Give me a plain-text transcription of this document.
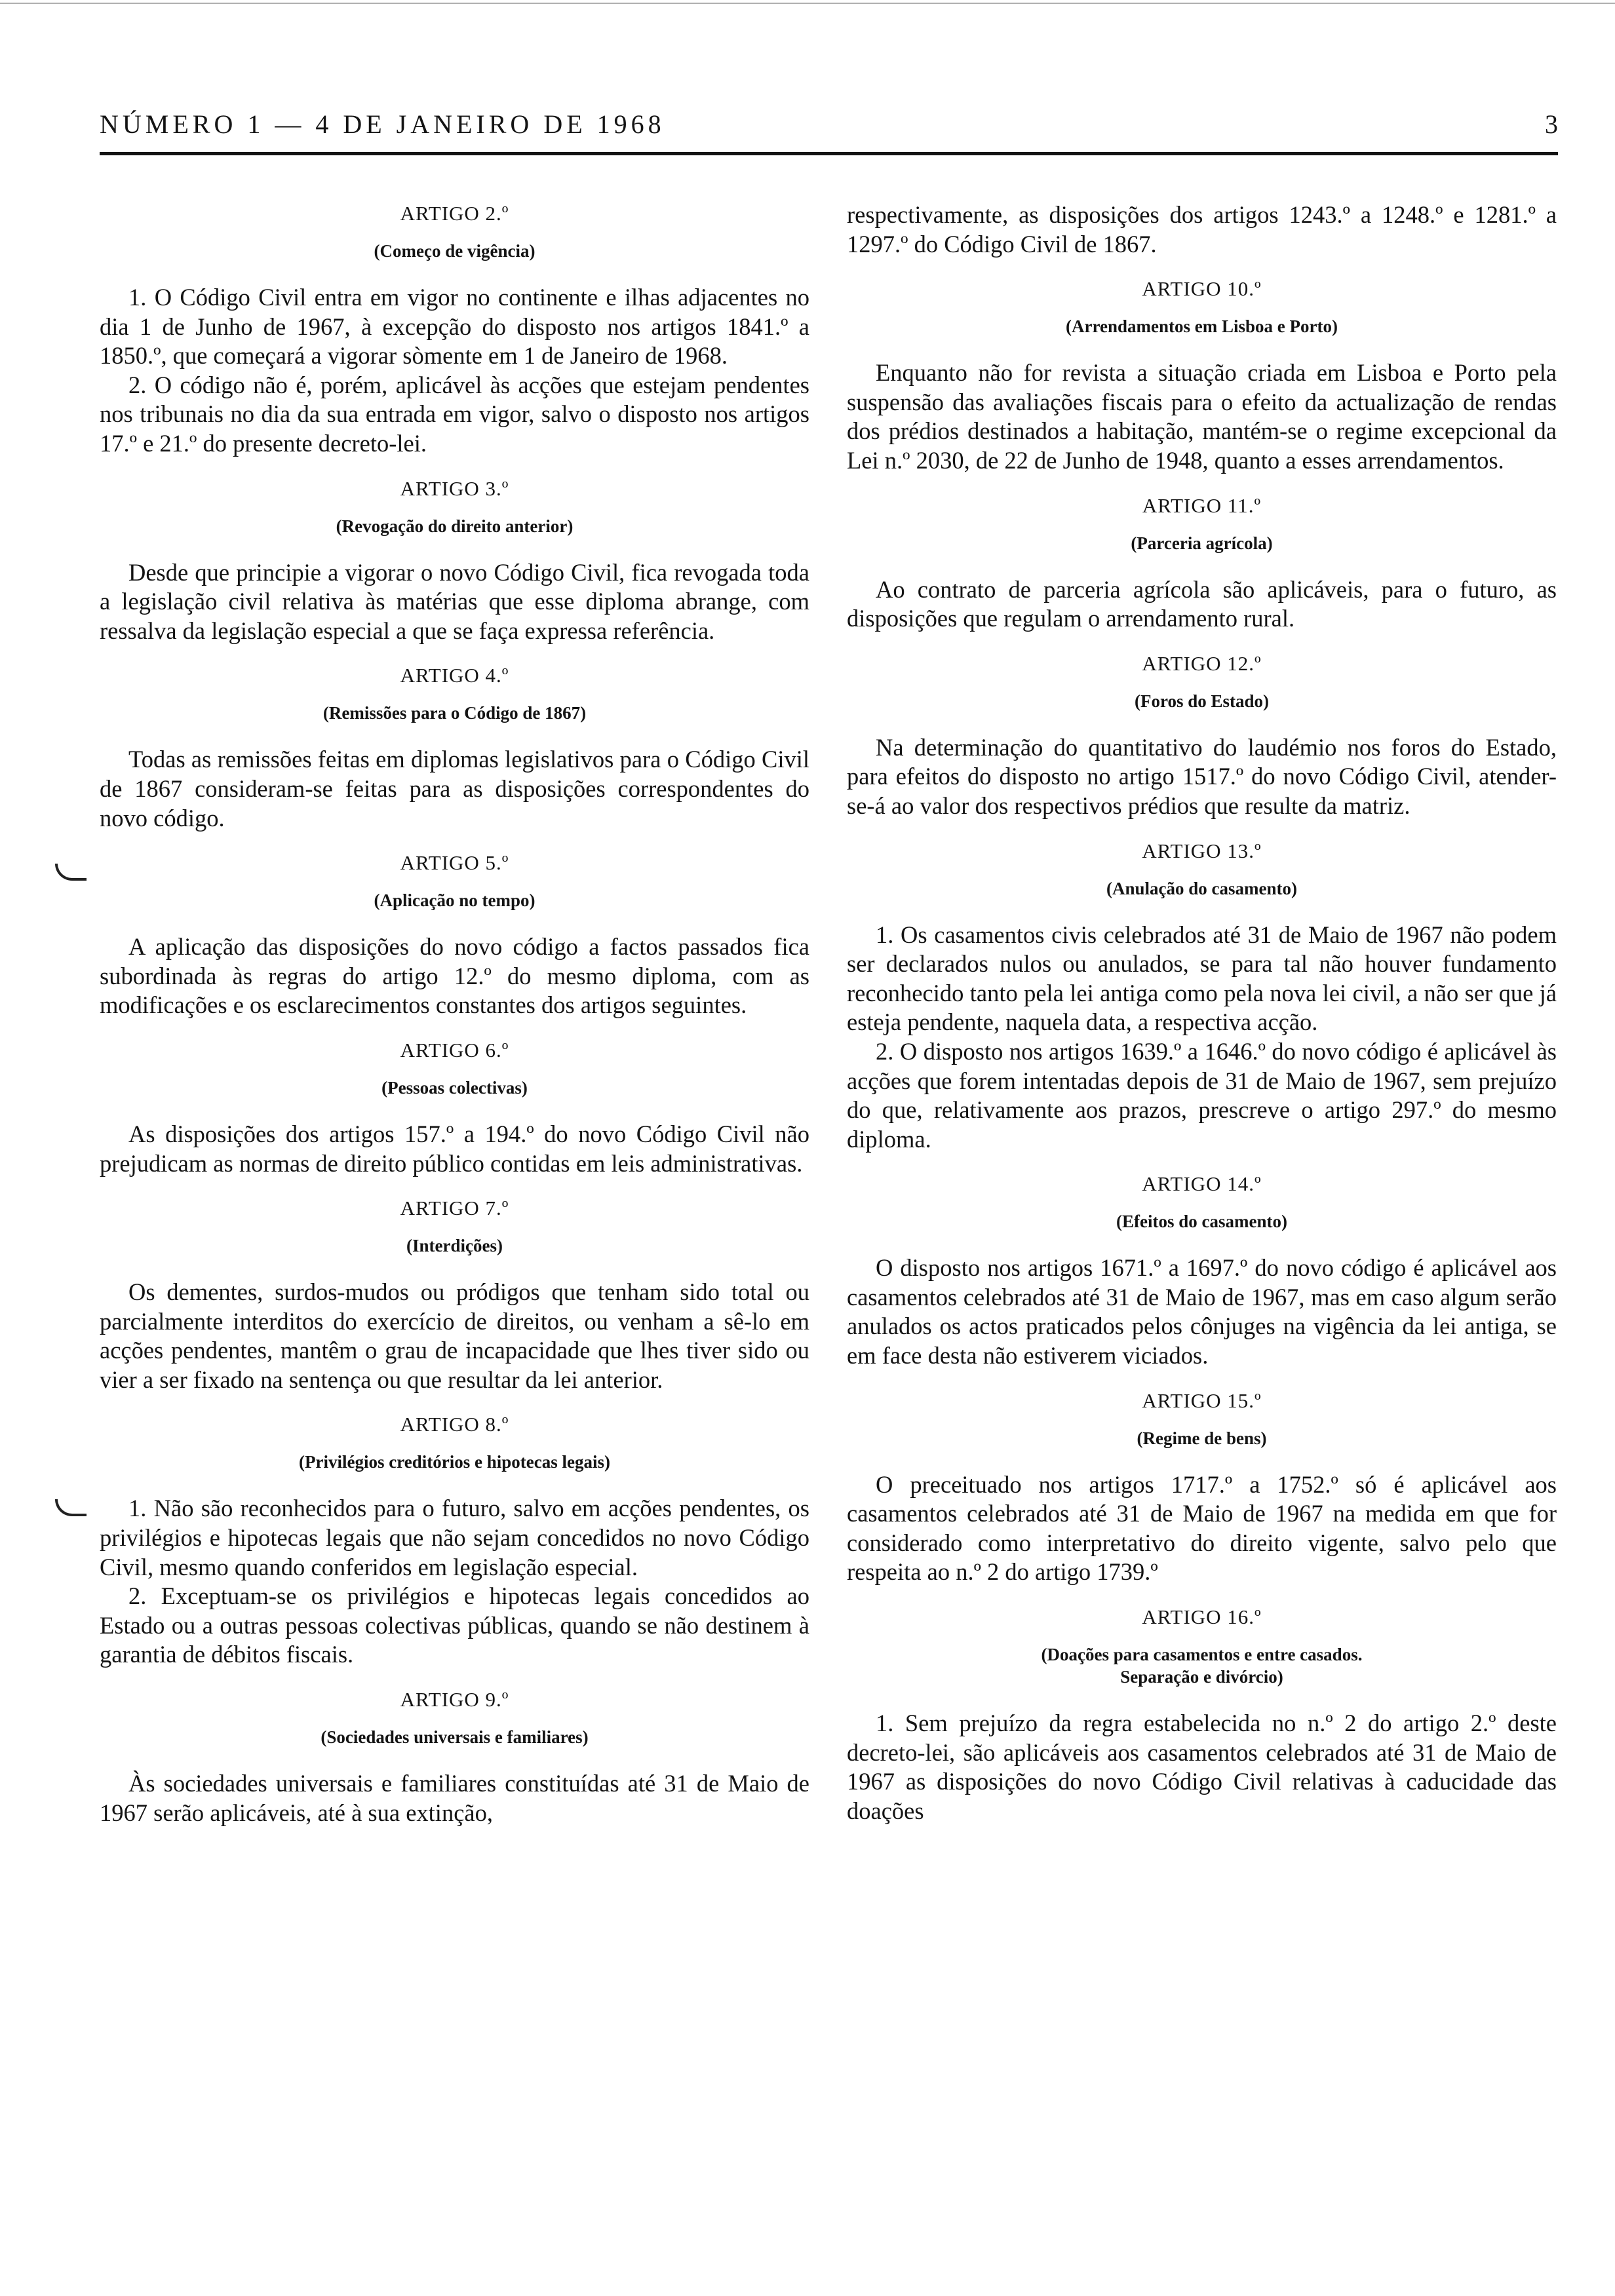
NÚMERO 1 — 4 DE JANEIRO DE 1968	3

ARTIGO 2.º

(Começo de vigência)

1. O Código Civil entra em vigor no continente e ilhas adjacentes no dia 1 de Junho de 1967, à excepção do disposto nos artigos 1841.º a 1850.º, que começará a vigorar sòmente em 1 de Janeiro de 1968.

2. O código não é, porém, aplicável às acções que estejam pendentes nos tribunais no dia da sua entrada em vigor, salvo o disposto nos artigos 17.º e 21.º do presente decreto-lei.

ARTIGO 3.º

(Revogação do direito anterior)

Desde que principie a vigorar o novo Código Civil, fica revogada toda a legislação civil relativa às matérias que esse diploma abrange, com ressalva da legislação especial a que se faça expressa referência.

ARTIGO 4.º

(Remissões para o Código de 1867)

Todas as remissões feitas em diplomas legislativos para o Código Civil de 1867 consideram-se feitas para as disposições correspondentes do novo código.

ARTIGO 5.º

(Aplicação no tempo)

A aplicação das disposições do novo código a factos passados fica subordinada às regras do artigo 12.º do mesmo diploma, com as modificações e os esclarecimentos constantes dos artigos seguintes.

ARTIGO 6.º

(Pessoas colectivas)

As disposições dos artigos 157.º a 194.º do novo Código Civil não prejudicam as normas de direito público contidas em leis administrativas.

ARTIGO 7.º

(Interdições)

Os dementes, surdos-mudos ou pródigos que tenham sido total ou parcialmente interditos do exercício de direitos, ou venham a sê-lo em acções pendentes, mantêm o grau de incapacidade que lhes tiver sido ou vier a ser fixado na sentença ou que resultar da lei anterior.

ARTIGO 8.º

(Privilégios creditórios e hipotecas legais)

1. Não são reconhecidos para o futuro, salvo em acções pendentes, os privilégios e hipotecas legais que não sejam concedidos no novo Código Civil, mesmo quando conferidos em legislação especial.

2. Exceptuam-se os privilégios e hipotecas legais concedidos ao Estado ou a outras pessoas colectivas públicas, quando se não destinem à garantia de débitos fiscais.

ARTIGO 9.º

(Sociedades universais e familiares)

Às sociedades universais e familiares constituídas até 31 de Maio de 1967 serão aplicáveis, até à sua extinção,

respectivamente, as disposições dos artigos 1243.º a 1248.º e 1281.º a 1297.º do Código Civil de 1867.

ARTIGO 10.º

(Arrendamentos em Lisboa e Porto)

Enquanto não for revista a situação criada em Lisboa e Porto pela suspensão das avaliações fiscais para o efeito da actualização de rendas dos prédios destinados a habitação, mantém-se o regime excepcional da Lei n.º 2030, de 22 de Junho de 1948, quanto a esses arrendamentos.

ARTIGO 11.º

(Parceria agrícola)

Ao contrato de parceria agrícola são aplicáveis, para o futuro, as disposições que regulam o arrendamento rural.

ARTIGO 12.º

(Foros do Estado)

Na determinação do quantitativo do laudémio nos foros do Estado, para efeitos do disposto no artigo 1517.º do novo Código Civil, atender-se-á ao valor dos respectivos prédios que resulte da matriz.

ARTIGO 13.º

(Anulação do casamento)

1. Os casamentos civis celebrados até 31 de Maio de 1967 não podem ser declarados nulos ou anulados, se para tal não houver fundamento reconhecido tanto pela lei antiga como pela nova lei civil, a não ser que já esteja pendente, naquela data, a respectiva acção.

2. O disposto nos artigos 1639.º a 1646.º do novo código é aplicável às acções que forem intentadas depois de 31 de Maio de 1967, sem prejuízo do que, relativamente aos prazos, prescreve o artigo 297.º do mesmo diploma.

ARTIGO 14.º

(Efeitos do casamento)

O disposto nos artigos 1671.º a 1697.º do novo código é aplicável aos casamentos celebrados até 31 de Maio de 1967, mas em caso algum serão anulados os actos praticados pelos cônjuges na vigência da lei antiga, se em face desta não estiverem viciados.

ARTIGO 15.º

(Regime de bens)

O preceituado nos artigos 1717.º a 1752.º só é aplicável aos casamentos celebrados até 31 de Maio de 1967 na medida em que for considerado como interpretativo do direito vigente, salvo pelo que respeita ao n.º 2 do artigo 1739.º

ARTIGO 16.º

(Doações para casamentos e entre casados.
Separação e divórcio)

1. Sem prejuízo da regra estabelecida no n.º 2 do artigo 2.º deste decreto-lei, são aplicáveis aos casamentos celebrados até 31 de Maio de 1967 as disposições do novo Código Civil relativas à caducidade das doações
